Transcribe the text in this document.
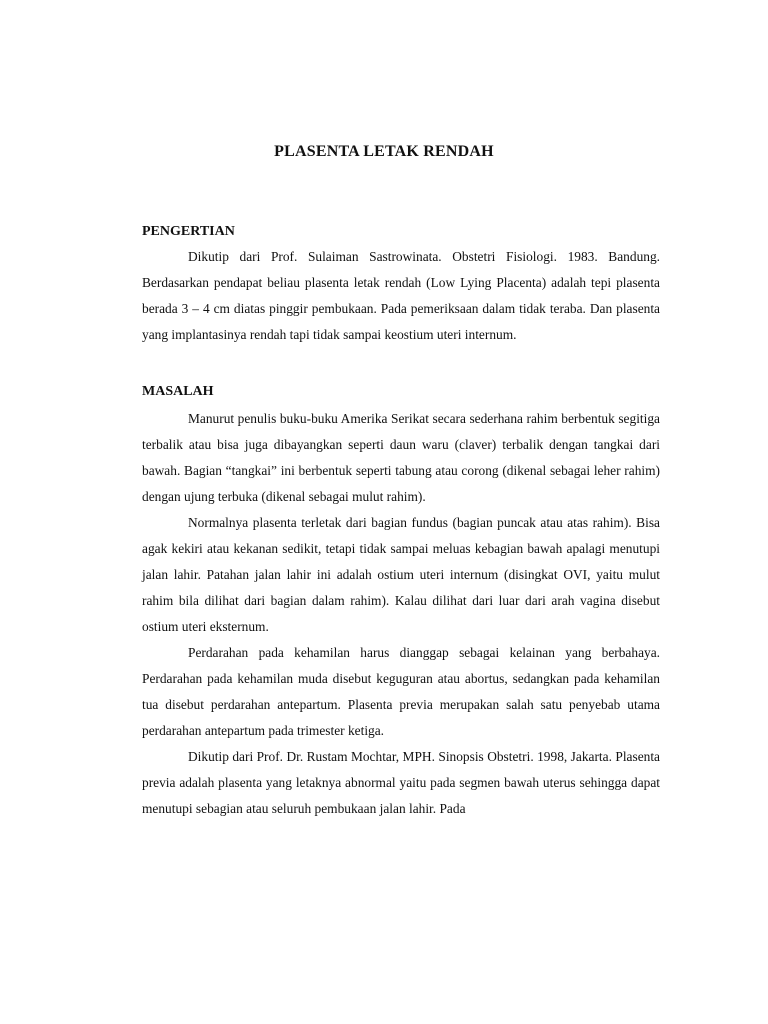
PLASENTA LETAK RENDAH

PENGERTIAN

Dikutip dari Prof. Sulaiman Sastrowinata. Obstetri Fisiologi. 1983. Bandung. Berdasarkan pendapat beliau plasenta letak rendah (Low Lying Placenta) adalah tepi plasenta berada 3 – 4 cm diatas pinggir pembukaan. Pada pemeriksaan dalam tidak teraba. Dan plasenta yang implantasinya rendah tapi tidak sampai keostium uteri internum.

MASALAH

Manurut penulis buku-buku Amerika Serikat secara sederhana rahim berbentuk segitiga terbalik atau bisa juga dibayangkan seperti daun waru (claver) terbalik dengan tangkai dari bawah. Bagian “tangkai” ini berbentuk seperti tabung atau corong (dikenal sebagai leher rahim) dengan ujung terbuka (dikenal sebagai mulut rahim).

Normalnya plasenta terletak dari bagian fundus (bagian puncak atau atas rahim). Bisa agak kekiri atau kekanan sedikit, tetapi tidak sampai meluas kebagian bawah apalagi menutupi jalan lahir. Patahan jalan lahir ini adalah ostium uteri internum (disingkat OVI, yaitu mulut rahim bila dilihat dari bagian dalam rahim). Kalau dilihat dari luar dari arah vagina disebut ostium uteri eksternum.

Perdarahan pada kehamilan harus dianggap sebagai kelainan yang berbahaya. Perdarahan pada kehamilan muda disebut keguguran atau abortus, sedangkan pada kehamilan tua disebut perdarahan antepartum. Plasenta previa merupakan salah satu penyebab utama perdarahan antepartum pada trimester ketiga.

Dikutip dari Prof. Dr. Rustam Mochtar, MPH. Sinopsis Obstetri. 1998, Jakarta. Plasenta previa adalah plasenta yang letaknya abnormal yaitu pada segmen bawah uterus sehingga dapat menutupi sebagian atau seluruh pembukaan jalan lahir. Pada
